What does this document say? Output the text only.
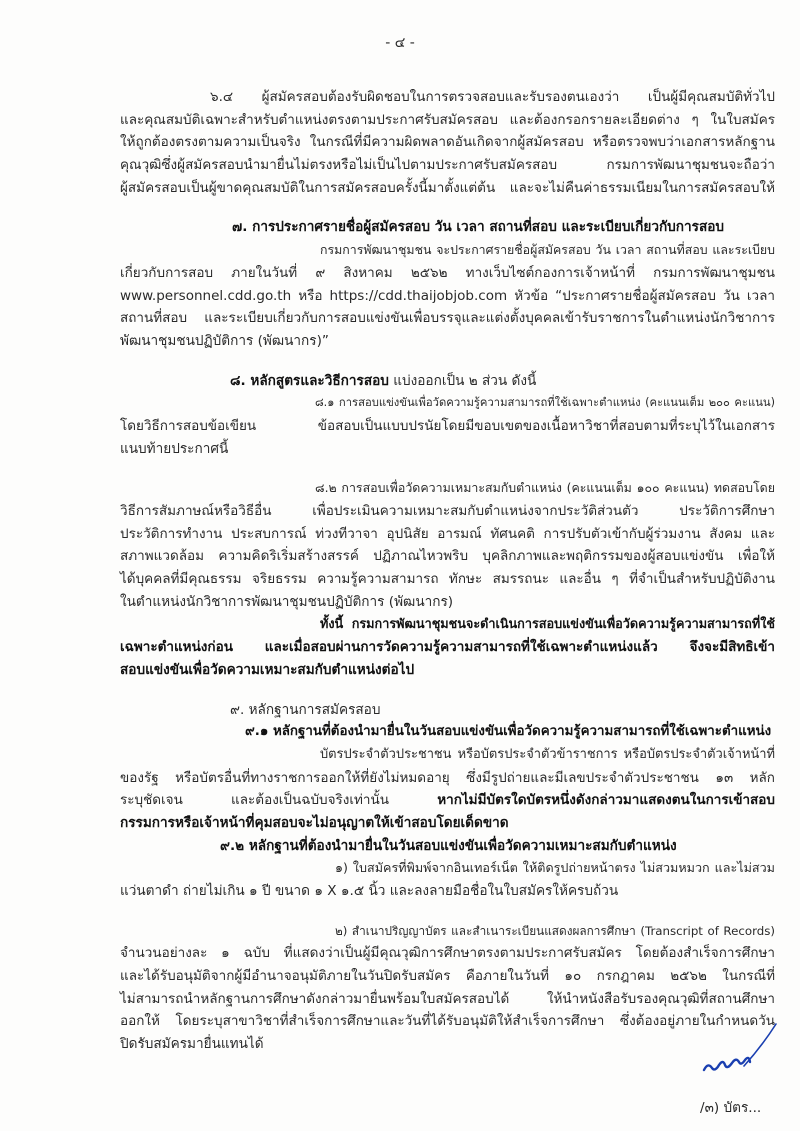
- ๔ -
๖.๔ ผู้สมัครสอบต้องรับผิดชอบในการตรวจสอบและรับรองตนเองว่า เป็นผู้มีคุณสมบัติทั่วไป
และคุณสมบัติเฉพาะสำหรับตำแหน่งตรงตามประกาศรับสมัครสอบ และต้องกรอกรายละเอียดต่าง ๆ ในใบสมัคร
ให้ถูกต้องตรงตามความเป็นจริง ในกรณีที่มีความผิดพลาดอันเกิดจากผู้สมัครสอบ หรือตรวจพบว่าเอกสารหลักฐาน
คุณวุฒิซึ่งผู้สมัครสอบนำมายื่นไม่ตรงหรือไม่เป็นไปตามประกาศรับสมัครสอบ กรมการพัฒนาชุมชนจะถือว่า
ผู้สมัครสอบเป็นผู้ขาดคุณสมบัติในการสมัครสอบครั้งนี้มาตั้งแต่ต้น และจะไม่คืนค่าธรรมเนียมในการสมัครสอบให้
๗. การประกาศรายชื่อผู้สมัครสอบ วัน เวลา สถานที่สอบ และระเบียบเกี่ยวกับการสอบ
กรมการพัฒนาชุมชน จะประกาศรายชื่อผู้สมัครสอบ วัน เวลา สถานที่สอบ และระเบียบ
เกี่ยวกับการสอบ ภายในวันที่ ๙ สิงหาคม ๒๕๖๒ ทางเว็บไซต์กองการเจ้าหน้าที่ กรมการพัฒนาชุมชน
www.personnel.cdd.go.th หรือ https://cdd.thaijobjob.com หัวข้อ “ประกาศรายชื่อผู้สมัครสอบ วัน เวลา
สถานที่สอบ และระเบียบเกี่ยวกับการสอบแข่งขันเพื่อบรรจุและแต่งตั้งบุคคลเข้ารับราชการในตำแหน่งนักวิชาการ
พัฒนาชุมชนปฏิบัติการ (พัฒนากร)”
๘. หลักสูตรและวิธีการสอบ แบ่งออกเป็น ๒ ส่วน ดังนี้
๘.๑ การสอบแข่งขันเพื่อวัดความรู้ความสามารถที่ใช้เฉพาะตำแหน่ง (คะแนนเต็ม ๒๐๐ คะแนน)
โดยวิธีการสอบข้อเขียน ข้อสอบเป็นแบบปรนัยโดยมีขอบเขตของเนื้อหาวิชาที่สอบตามที่ระบุไว้ในเอกสาร
แนบท้ายประกาศนี้
๘.๒ การสอบเพื่อวัดความเหมาะสมกับตำแหน่ง (คะแนนเต็ม ๑๐๐ คะแนน) ทดสอบโดย
วิธีการสัมภาษณ์หรือวิธีอื่น เพื่อประเมินความเหมาะสมกับตำแหน่งจากประวัติส่วนตัว ประวัติการศึกษา
ประวัติการทำงาน ประสบการณ์ ท่วงทีวาจา อุปนิสัย อารมณ์ ทัศนคติ การปรับตัวเข้ากับผู้ร่วมงาน สังคม และ
สภาพแวดล้อม ความคิดริเริ่มสร้างสรรค์ ปฏิภาณไหวพริบ บุคลิกภาพและพฤติกรรมของผู้สอบแข่งขัน เพื่อให้
ได้บุคคลที่มีคุณธรรม จริยธรรม ความรู้ความสามารถ ทักษะ สมรรถนะ และอื่น ๆ ที่จำเป็นสำหรับปฏิบัติงาน
ในตำแหน่งนักวิชาการพัฒนาชุมชนปฏิบัติการ (พัฒนากร)
ทั้งนี้ กรมการพัฒนาชุมชนจะดำเนินการสอบแข่งขันเพื่อวัดความรู้ความสามารถที่ใช้
เฉพาะตำแหน่งก่อน และเมื่อสอบผ่านการวัดความรู้ความสามารถที่ใช้เฉพาะตำแหน่งแล้ว จึงจะมีสิทธิเข้า
สอบแข่งขันเพื่อวัดความเหมาะสมกับตำแหน่งต่อไป
๙. หลักฐานการสมัครสอบ
๙.๑ หลักฐานที่ต้องนำมายื่นในวันสอบแข่งขันเพื่อวัดความรู้ความสามารถที่ใช้เฉพาะตำแหน่ง
บัตรประจำตัวประชาชน หรือบัตรประจำตัวข้าราชการ หรือบัตรประจำตัวเจ้าหน้าที่
ของรัฐ หรือบัตรอื่นที่ทางราชการออกให้ที่ยังไม่หมดอายุ ซึ่งมีรูปถ่ายและมีเลขประจำตัวประชาชน ๑๓ หลัก
ระบุชัดเจน และต้องเป็นฉบับจริงเท่านั้น หากไม่มีบัตรใดบัตรหนึ่งดังกล่าวมาแสดงตนในการเข้าสอบ
กรรมการหรือเจ้าหน้าที่คุมสอบจะไม่อนุญาตให้เข้าสอบโดยเด็ดขาด
๙.๒ หลักฐานที่ต้องนำมายื่นในวันสอบแข่งขันเพื่อวัดความเหมาะสมกับตำแหน่ง
๑) ใบสมัครที่พิมพ์จากอินเทอร์เน็ต ให้ติดรูปถ่ายหน้าตรง ไม่สวมหมวก และไม่สวม
แว่นตาดำ ถ่ายไม่เกิน ๑ ปี ขนาด ๑ X ๑.๕ นิ้ว และลงลายมือชื่อในใบสมัครให้ครบถ้วน
๒) สำเนาปริญญาบัตร และสำเนาระเบียนแสดงผลการศึกษา (Transcript of Records)
จำนวนอย่างละ ๑ ฉบับ ที่แสดงว่าเป็นผู้มีคุณวุฒิการศึกษาตรงตามประกาศรับสมัคร โดยต้องสำเร็จการศึกษา
และได้รับอนุมัติจากผู้มีอำนาจอนุมัติภายในวันปิดรับสมัคร คือภายในวันที่ ๑๐ กรกฎาคม ๒๕๖๒ ในกรณีที่
ไม่สามารถนำหลักฐานการศึกษาดังกล่าวมายื่นพร้อมใบสมัครสอบได้ ให้นำหนังสือรับรองคุณวุฒิที่สถานศึกษา
ออกให้ โดยระบุสาขาวิชาที่สำเร็จการศึกษาและวันที่ได้รับอนุมัติให้สำเร็จการศึกษา ซึ่งต้องอยู่ภายในกำหนดวัน
ปิดรับสมัครมายื่นแทนได้
/๓) บัตร...
